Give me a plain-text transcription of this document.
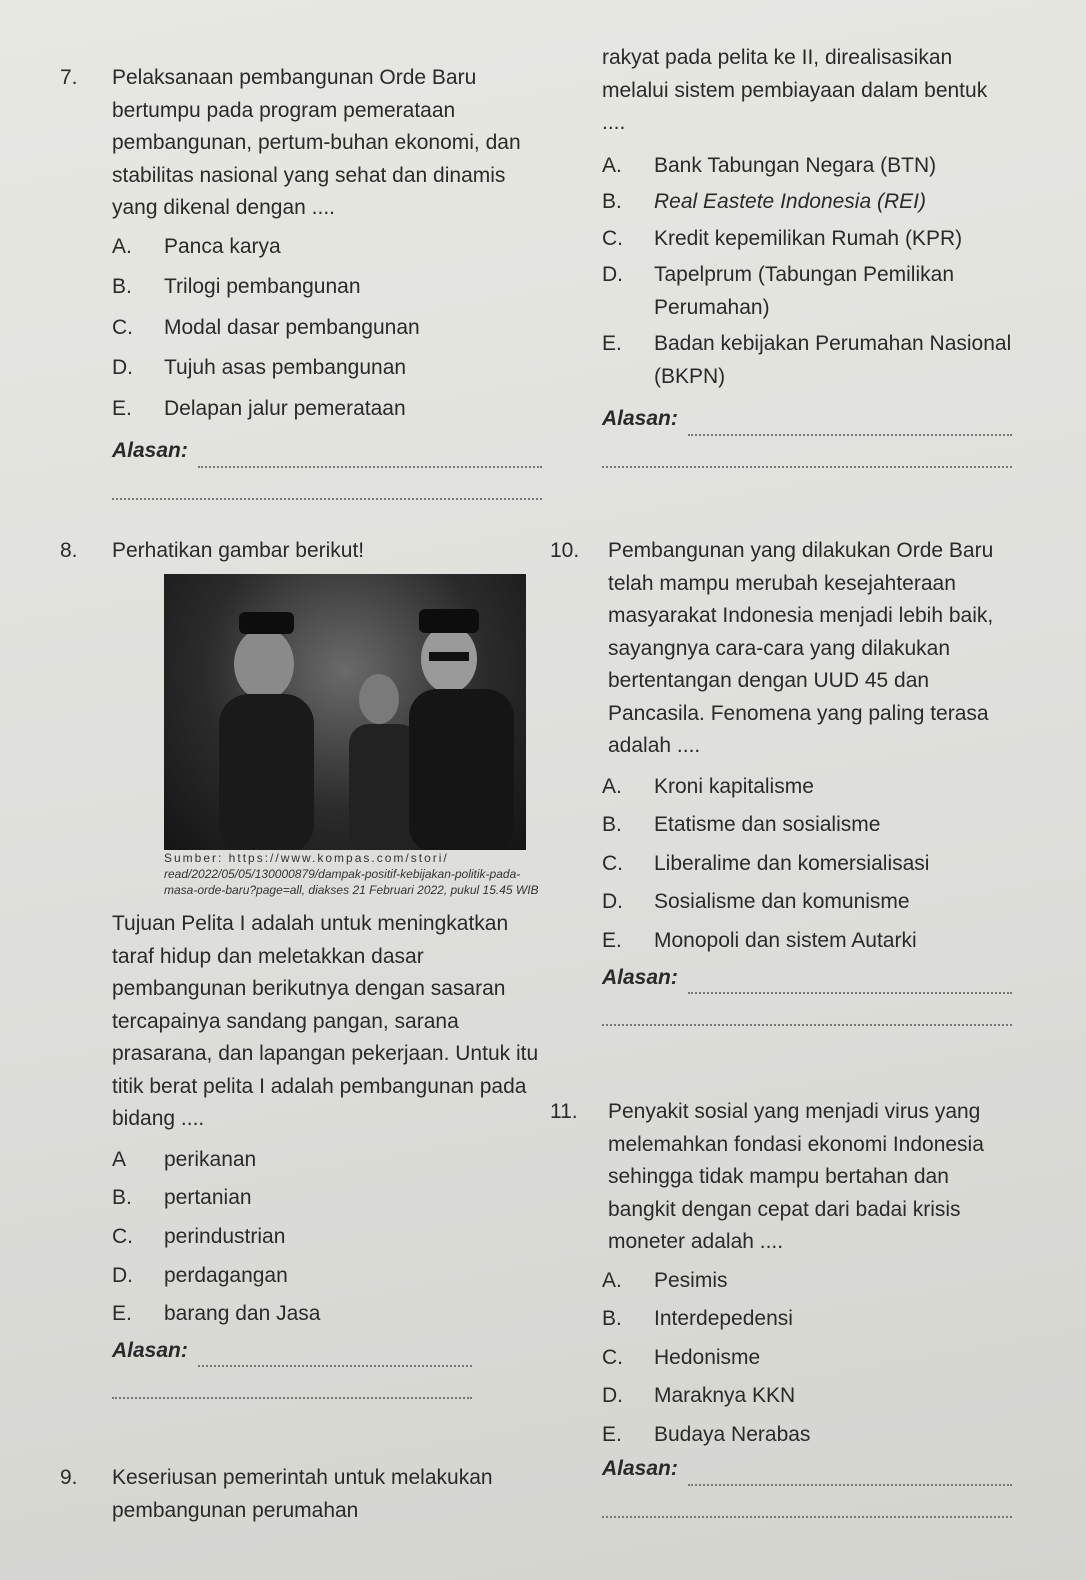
7. Pelaksanaan pembangunan Orde Baru bertumpu pada program pemerataan pembangunan, pertum-buhan ekonomi, dan stabilitas nasional yang sehat dan dinamis yang dikenal dengan ....

A.	Panca karya
B.	Trilogi pembangunan
C.	Modal dasar pembangunan
D.	Tujuh asas pembangunan
E.	Delapan jalur pemerataan
Alasan:
8. Perhatikan gambar berikut!

Sumber: https://www.kompas.com/stori/
read/2022/05/05/130000879/dampak-positif-kebijakan-politik-pada-masa-orde-baru?page=all, diakses 21 Februari 2022, pukul 15.45 WIB

Tujuan Pelita I adalah untuk meningkatkan taraf hidup dan meletakkan dasar pembangunan berikutnya dengan sasaran tercapainya sandang pangan, sarana prasarana, dan lapangan pekerjaan. Untuk itu titik berat pelita I adalah pembangunan pada bidang ....

A	perikanan
B.	pertanian
C.	perindustrian
D.	perdagangan
E.	barang dan Jasa
Alasan:
9. Keseriusan pemerintah untuk melakukan pembangunan perumahan

rakyat pada pelita ke II, direalisasikan melalui sistem pembiayaan dalam bentuk ....

A.	Bank Tabungan Negara (BTN)
B.	Real Eastete Indonesia (REI)
C.	Kredit kepemilikan Rumah (KPR)
D.	Tapelprum (Tabungan Pemilikan Perumahan)
E.	Badan kebijakan Perumahan Nasional (BKPN)
Alasan:
10. Pembangunan yang dilakukan Orde Baru telah mampu merubah kesejahteraan masyarakat Indonesia menjadi lebih baik, sayangnya cara-cara yang dilakukan bertentangan dengan UUD 45 dan Pancasila. Fenomena yang paling terasa adalah ....

A.	Kroni kapitalisme
B.	Etatisme dan sosialisme
C.	Liberalime dan komersialisasi
D.	Sosialisme dan komunisme
E.	Monopoli dan sistem Autarki
Alasan:
11. Penyakit sosial yang menjadi virus yang melemahkan fondasi ekonomi Indonesia sehingga tidak mampu bertahan dan bangkit dengan cepat dari badai krisis moneter adalah ....

A.	Pesimis
B.	Interdepedensi
C.	Hedonisme
D.	Maraknya KKN
E.	Budaya Nerabas
Alasan:
